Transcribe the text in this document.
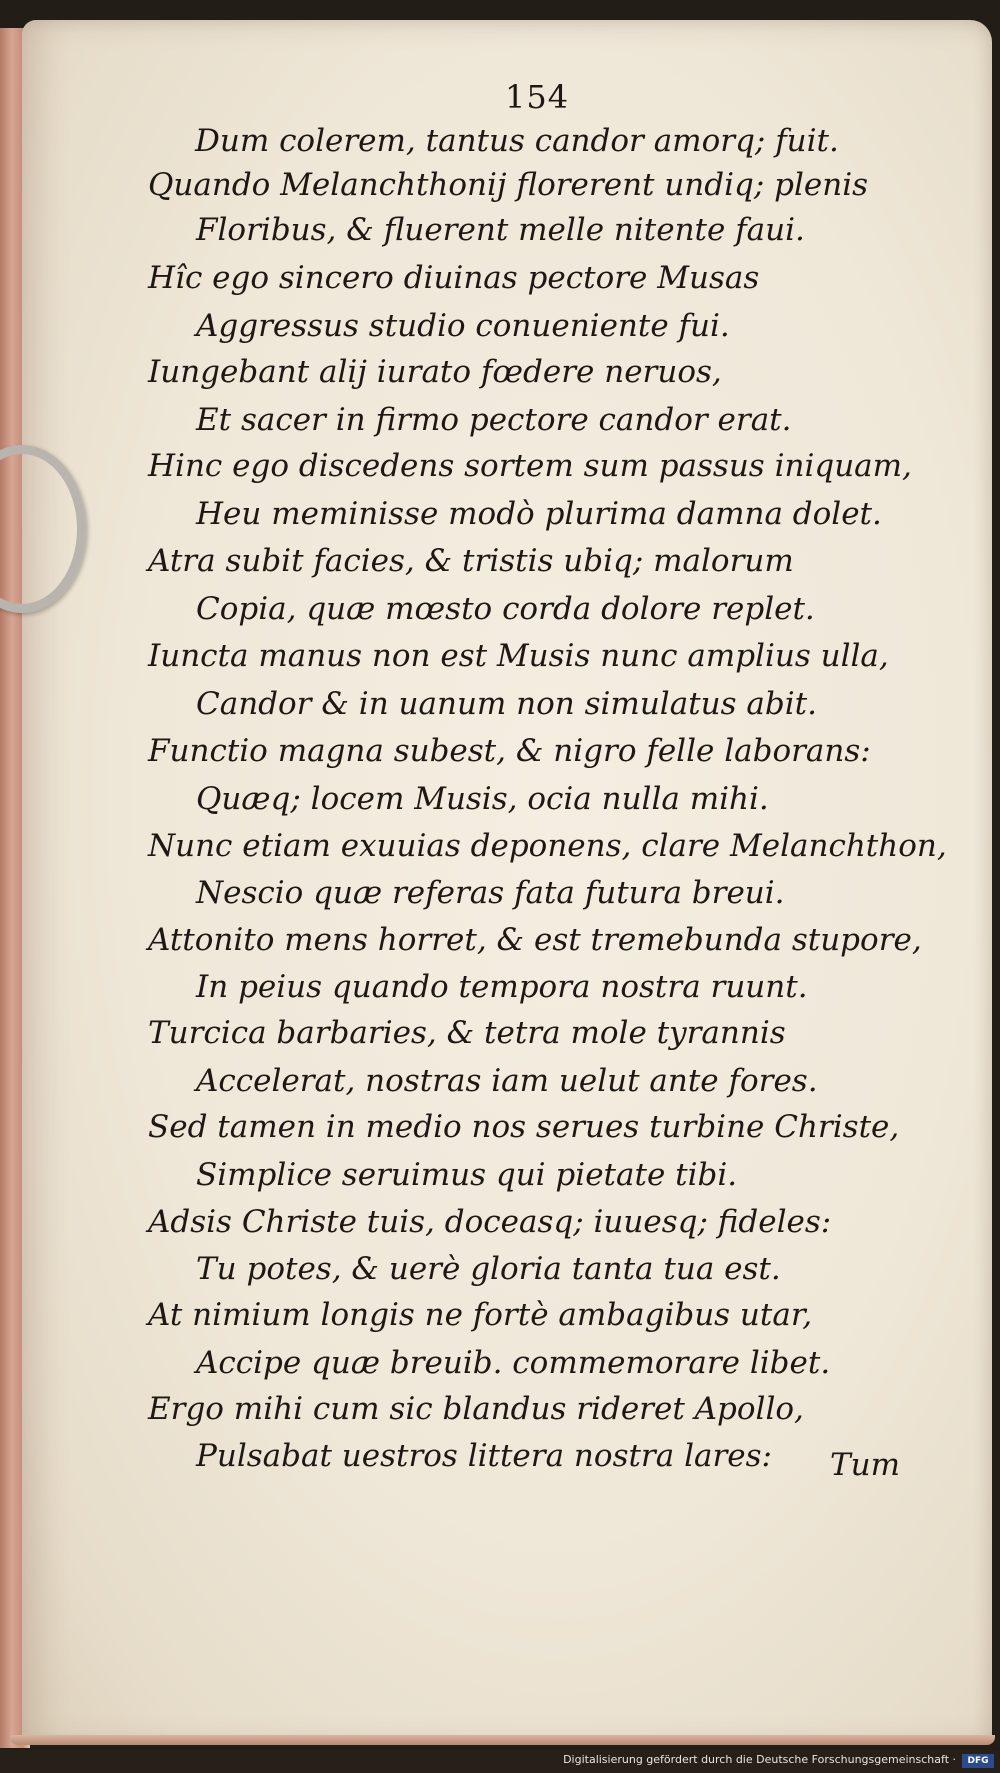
154
Dum colerem, tantus candor amorq; fuit.
Quando Melanchthonij florerent undiq; plenis
Floribus, & fluerent melle nitente faui.
Hîc ego sincero diuinas pectore Musas
Aggressus studio conueniente fui.
Iungebant alij iurato fœdere neruos,
Et sacer in firmo pectore candor erat.
Hinc ego discedens sortem sum passus iniquam,
Heu meminisse modò plurima damna dolet.
Atra subit facies, & tristis ubiq; malorum
Copia, quæ mœsto corda dolore replet.
Iuncta manus non est Musis nunc amplius ulla,
Candor & in uanum non simulatus abit.
Functio magna subest, & nigro felle laborans:
Quæq; locem Musis, ocia nulla mihi.
Nunc etiam exuuias deponens, clare Melanchthon,
Nescio quæ referas fata futura breui.
Attonito mens horret, & est tremebunda stupore,
In peius quando tempora nostra ruunt.
Turcica barbaries, & tetra mole tyrannis
Accelerat, nostras iam uelut ante fores.
Sed tamen in medio nos serues turbine Christe,
Simplice seruimus qui pietate tibi.
Adsis Christe tuis, doceasq; iuuesq; fideles:
Tu potes, & uerè gloria tanta tua est.
At nimium longis ne fortè ambagibus utar,
Accipe quæ breuib. commemorare libet.
Ergo mihi cum sic blandus rideret Apollo,
Pulsabat uestros littera nostra lares: Tum
Digitalisierung gefördert durch die Deutsche Forschungsgemeinschaft ·	DFG
